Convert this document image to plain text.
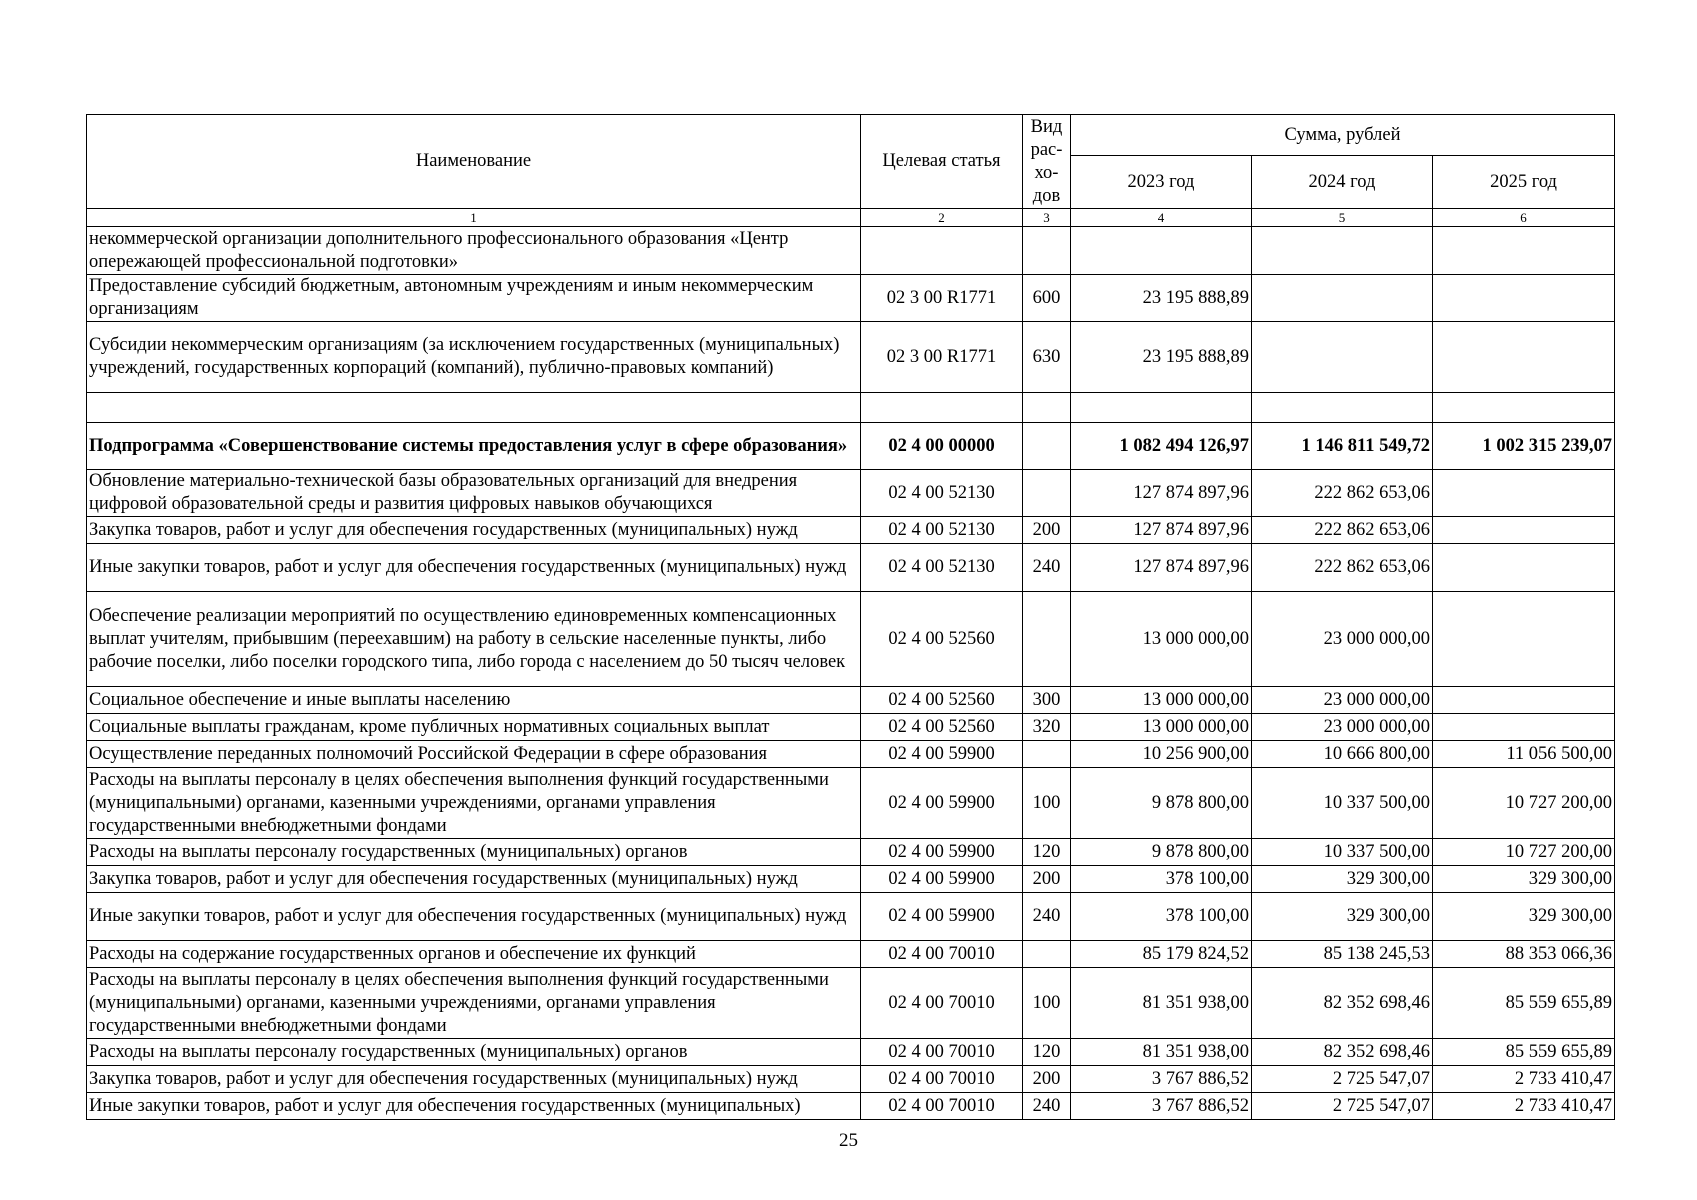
Наименование	Целевая статья	Вид рас-хо-дов	Сумма, рублей		
			2023 год	2024 год	2025 год
1	2	3	4	5	6
некоммерческой организации дополнительного профессионального образования «Центр опережающей профессиональной подготовки»					
Предоставление субсидий бюджетным, автономным учреждениям и иным некоммерческим организациям	02 3 00 R1771	600	23 195 888,89		
Субсидии некоммерческим организациям (за исключением государственных (муниципальных) учреждений, государственных корпораций (компаний), публично-правовых компаний)	02 3 00 R1771	630	23 195 888,89		

Подпрограмма «Совершенствование системы предоставления услуг в сфере образования»	02 4 00 00000		1 082 494 126,97	1 146 811 549,72	1 002 315 239,07
Обновление материально-технической базы образовательных организаций для внедрения цифровой образовательной среды и развития цифровых навыков обучающихся	02 4 00 52130		127 874 897,96	222 862 653,06	
Закупка товаров, работ и услуг для обеспечения государственных (муниципальных) нужд	02 4 00 52130	200	127 874 897,96	222 862 653,06	
Иные закупки товаров, работ и услуг для обеспечения государственных (муниципальных) нужд	02 4 00 52130	240	127 874 897,96	222 862 653,06	
Обеспечение реализации мероприятий по осуществлению единовременных компенсационных выплат учителям, прибывшим (переехавшим) на работу в сельские населенные пункты, либо рабочие поселки, либо поселки городского типа, либо города с населением до 50 тысяч человек	02 4 00 52560		13 000 000,00	23 000 000,00	
Социальное обеспечение и иные выплаты населению	02 4 00 52560	300	13 000 000,00	23 000 000,00	
Социальные выплаты гражданам, кроме публичных нормативных социальных выплат	02 4 00 52560	320	13 000 000,00	23 000 000,00	
Осуществление переданных полномочий Российской Федерации в сфере образования	02 4 00 59900		10 256 900,00	10 666 800,00	11 056 500,00
Расходы на выплаты персоналу в целях обеспечения выполнения функций государственными (муниципальными) органами, казенными учреждениями, органами управления государственными внебюджетными фондами	02 4 00 59900	100	9 878 800,00	10 337 500,00	10 727 200,00
Расходы на выплаты персоналу государственных (муниципальных) органов	02 4 00 59900	120	9 878 800,00	10 337 500,00	10 727 200,00
Закупка товаров, работ и услуг для обеспечения государственных (муниципальных) нужд	02 4 00 59900	200	378 100,00	329 300,00	329 300,00
Иные закупки товаров, работ и услуг для обеспечения государственных (муниципальных) нужд	02 4 00 59900	240	378 100,00	329 300,00	329 300,00
Расходы на содержание государственных органов и обеспечение их функций	02 4 00 70010		85 179 824,52	85 138 245,53	88 353 066,36
Расходы на выплаты персоналу в целях обеспечения выполнения функций государственными (муниципальными) органами, казенными учреждениями, органами управления государственными внебюджетными фондами	02 4 00 70010	100	81 351 938,00	82 352 698,46	85 559 655,89
Расходы на выплаты персоналу государственных (муниципальных) органов	02 4 00 70010	120	81 351 938,00	82 352 698,46	85 559 655,89
Закупка товаров, работ и услуг для обеспечения государственных (муниципальных) нужд	02 4 00 70010	200	3 767 886,52	2 725 547,07	2 733 410,47
Иные закупки товаров, работ и услуг для обеспечения государственных (муниципальных)	02 4 00 70010	240	3 767 886,52	2 725 547,07	2 733 410,47
25
